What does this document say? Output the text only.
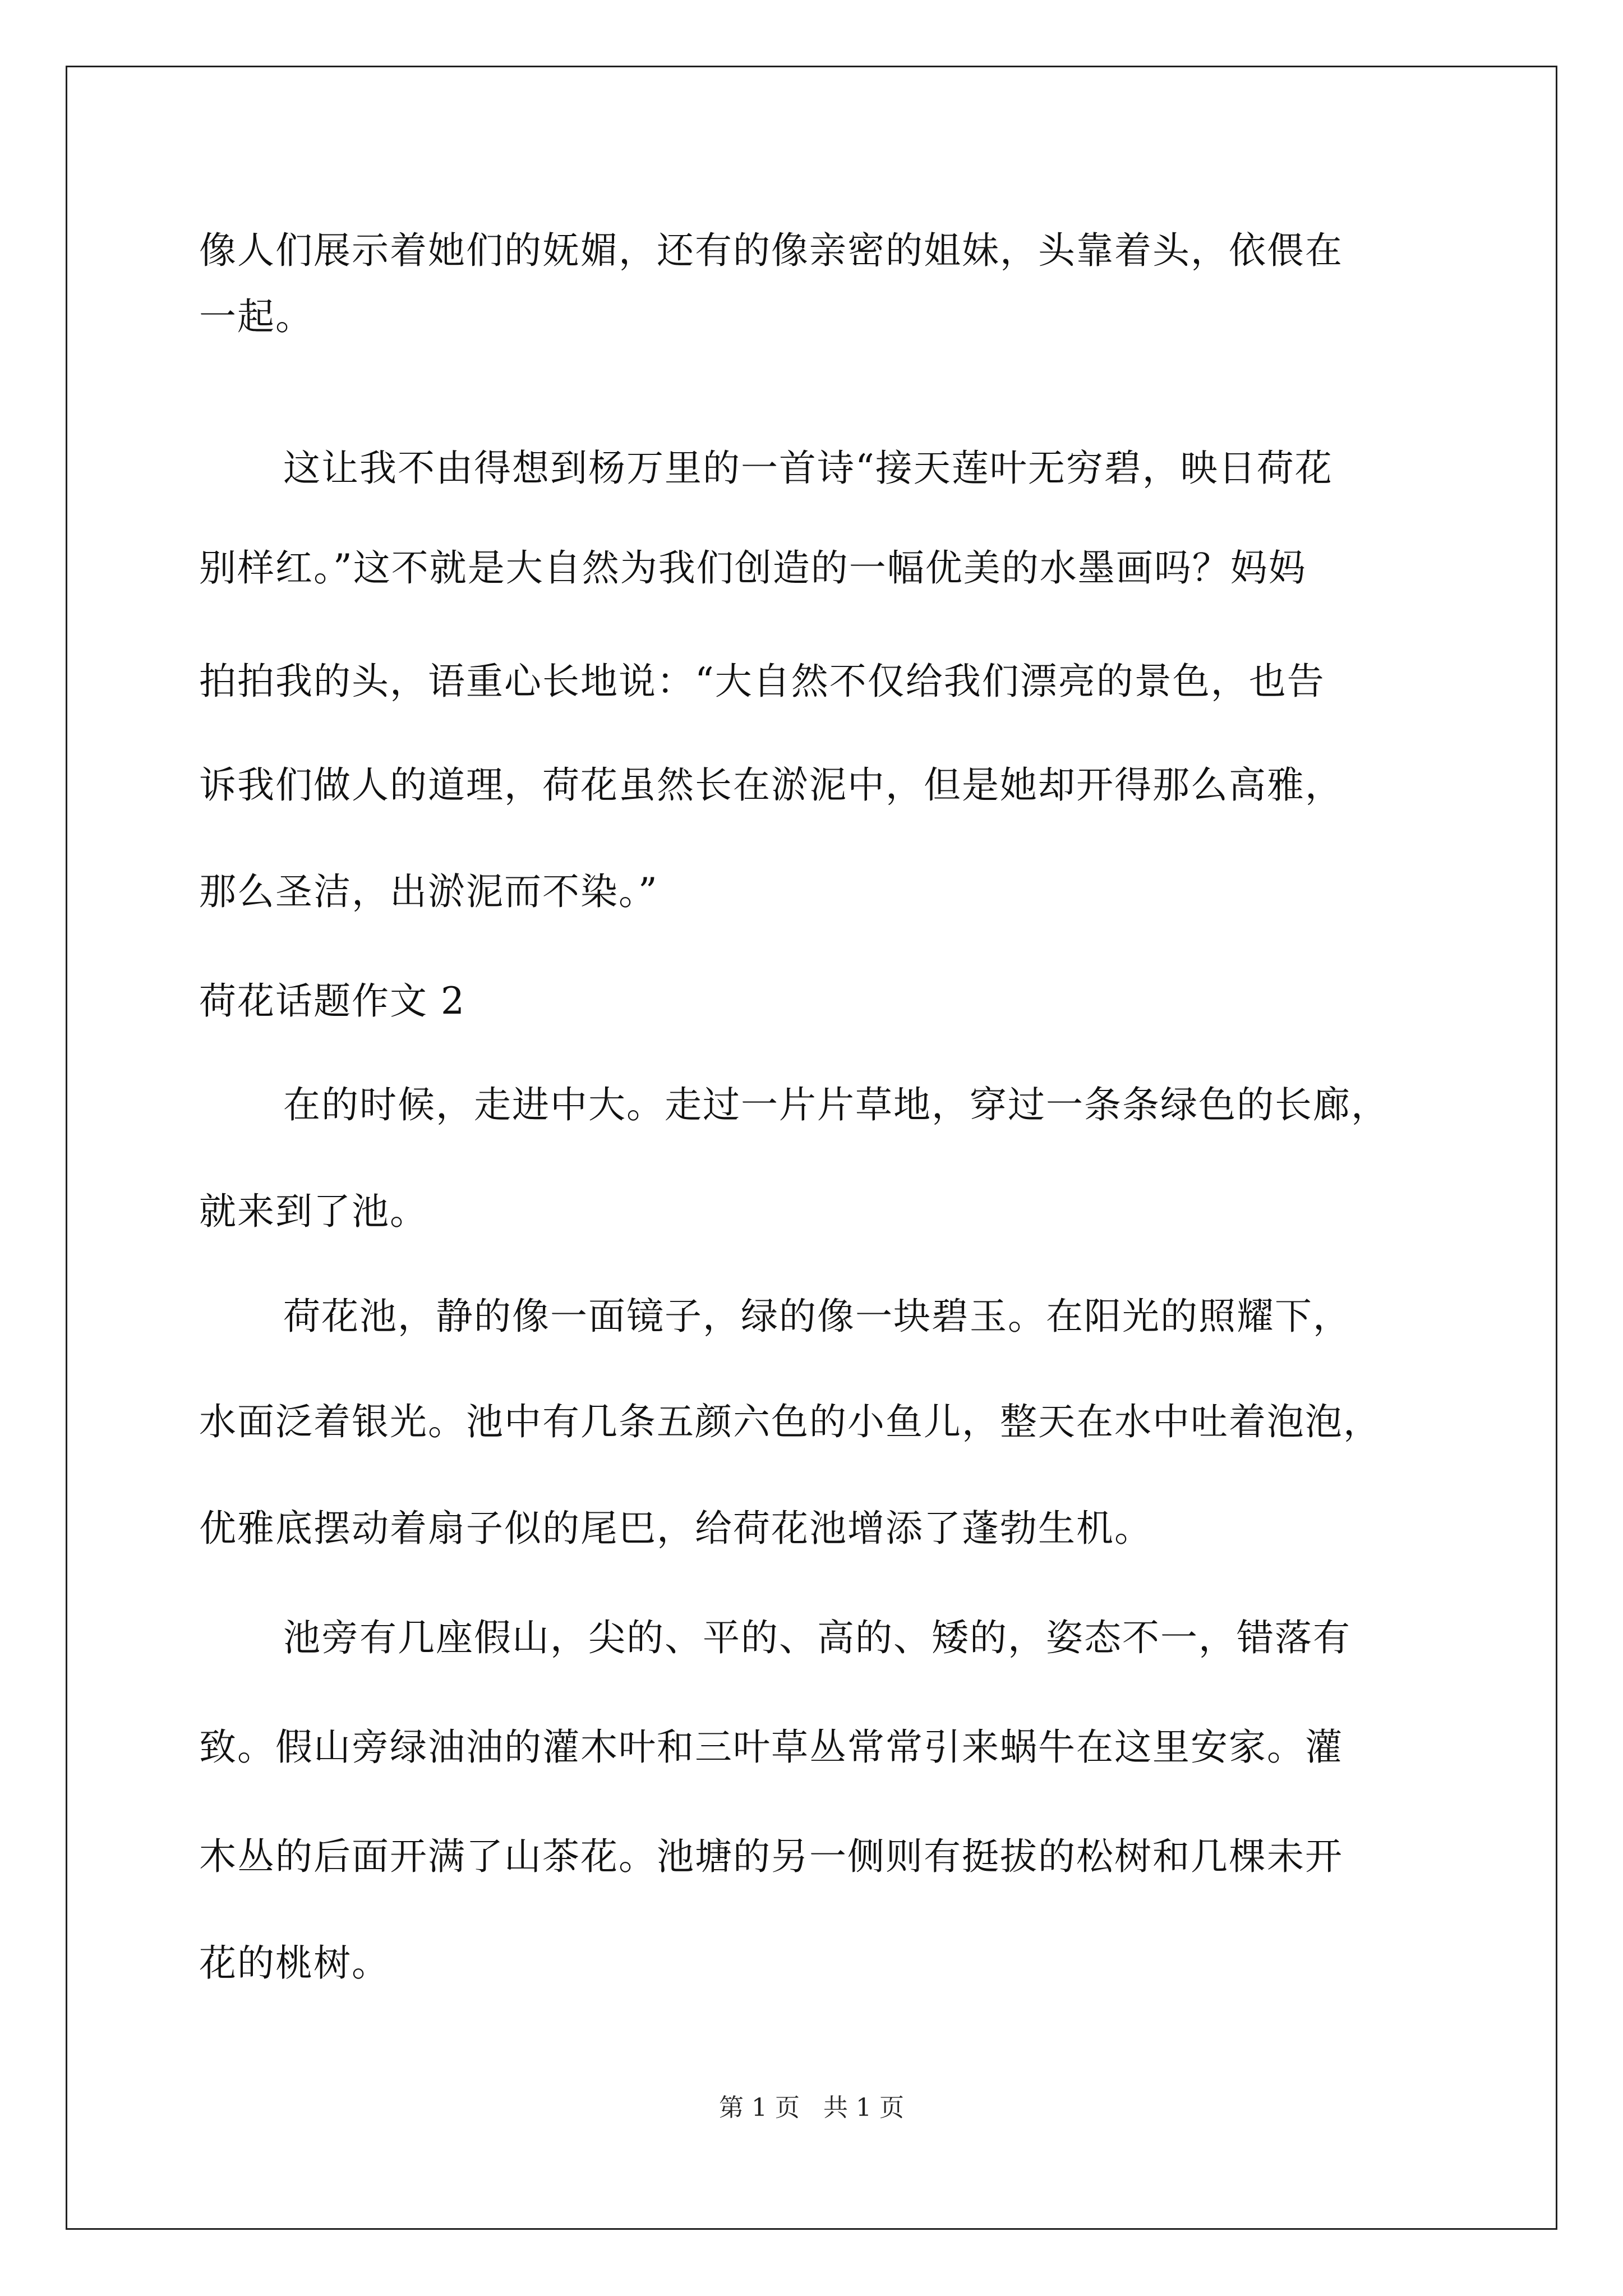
像人们展示着她们的妩媚，还有的像亲密的姐妹，头靠着头，依偎在
一起。
这让我不由得想到杨万里的一首诗“接天莲叶无穷碧，映日荷花
别样红。”这不就是大自然为我们创造的一幅优美的水墨画吗？妈妈
拍拍我的头，语重心长地说：“大自然不仅给我们漂亮的景色，也告
诉我们做人的道理，荷花虽然长在淤泥中，但是她却开得那么高雅，
那么圣洁，出淤泥而不染。”
荷花话题作文 2
在的时候，走进中大。走过一片片草地，穿过一条条绿色的长廊，
就来到了池。
荷花池，静的像一面镜子，绿的像一块碧玉。在阳光的照耀下，
水面泛着银光。池中有几条五颜六色的小鱼儿，整天在水中吐着泡泡，
优雅底摆动着扇子似的尾巴，给荷花池增添了蓬勃生机。
池旁有几座假山，尖的、平的、高的、矮的，姿态不一，错落有
致。假山旁绿油油的灌木叶和三叶草丛常常引来蜗牛在这里安家。灌
木丛的后面开满了山茶花。池塘的另一侧则有挺拔的松树和几棵未开
花的桃树。
第 1 页   共 1 页
